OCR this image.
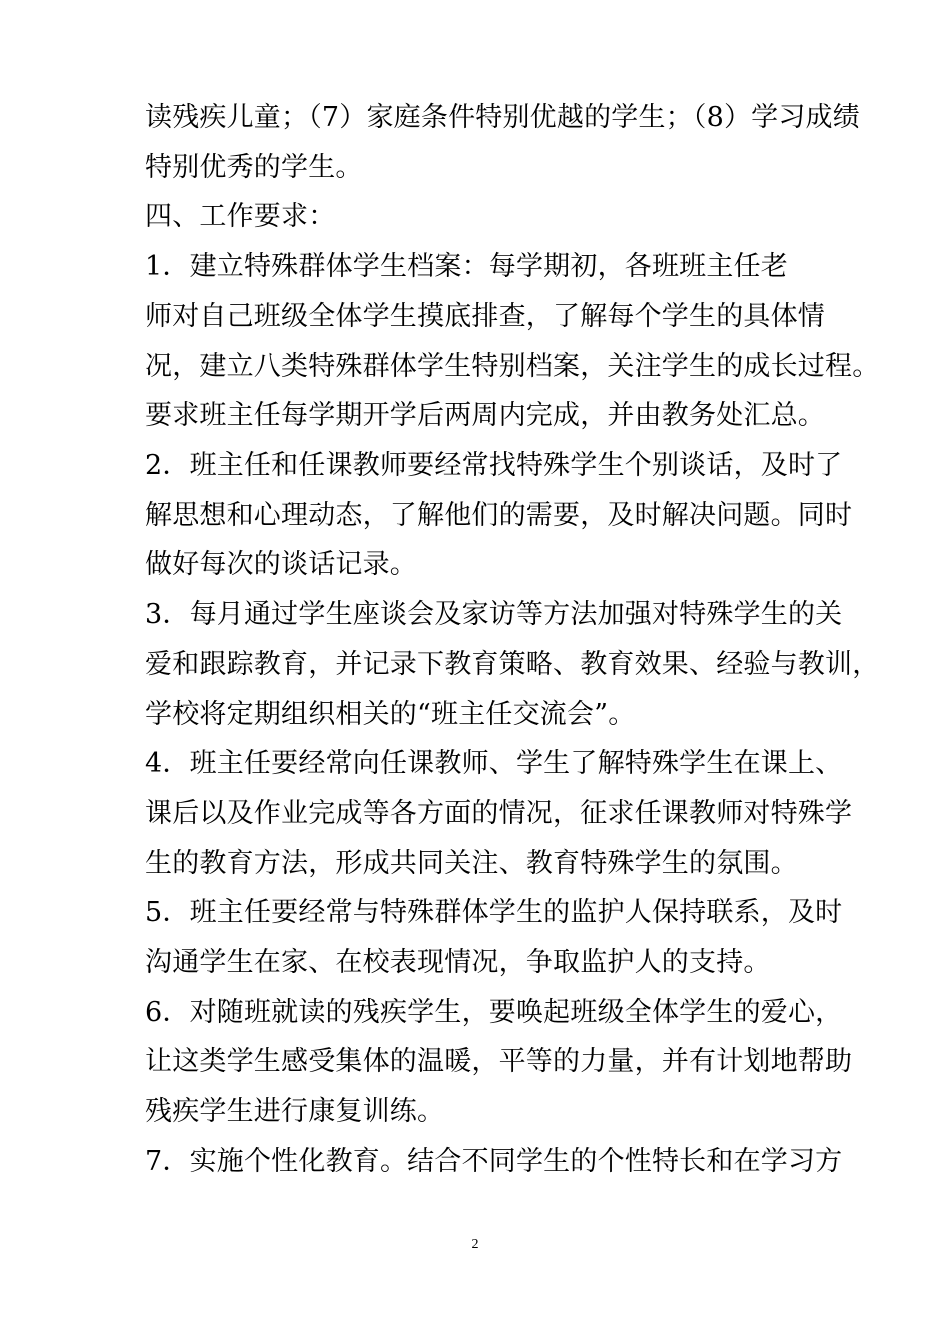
读残疾儿童；（7）家庭条件特别优越的学生；（8）学习成绩
特别优秀的学生。
四、工作要求：
1．建立特殊群体学生档案：每学期初，各班班主任老
师对自己班级全体学生摸底排查，了解每个学生的具体情
况，建立八类特殊群体学生特别档案，关注学生的成长过程。
要求班主任每学期开学后两周内完成，并由教务处汇总。
2．班主任和任课教师要经常找特殊学生个别谈话，及时了
解思想和心理动态，了解他们的需要，及时解决问题。同时
做好每次的谈话记录。
3．每月通过学生座谈会及家访等方法加强对特殊学生的关
爱和跟踪教育，并记录下教育策略、教育效果、经验与教训，
学校将定期组织相关的“班主任交流会”。
4．班主任要经常向任课教师、学生了解特殊学生在课上、
课后以及作业完成等各方面的情况，征求任课教师对特殊学
生的教育方法，形成共同关注、教育特殊学生的氛围。
5．班主任要经常与特殊群体学生的监护人保持联系，及时
沟通学生在家、在校表现情况，争取监护人的支持。
6．对随班就读的残疾学生，要唤起班级全体学生的爱心，
让这类学生感受集体的温暖，平等的力量，并有计划地帮助
残疾学生进行康复训练。
7．实施个性化教育。结合不同学生的个性特长和在学习方
2
